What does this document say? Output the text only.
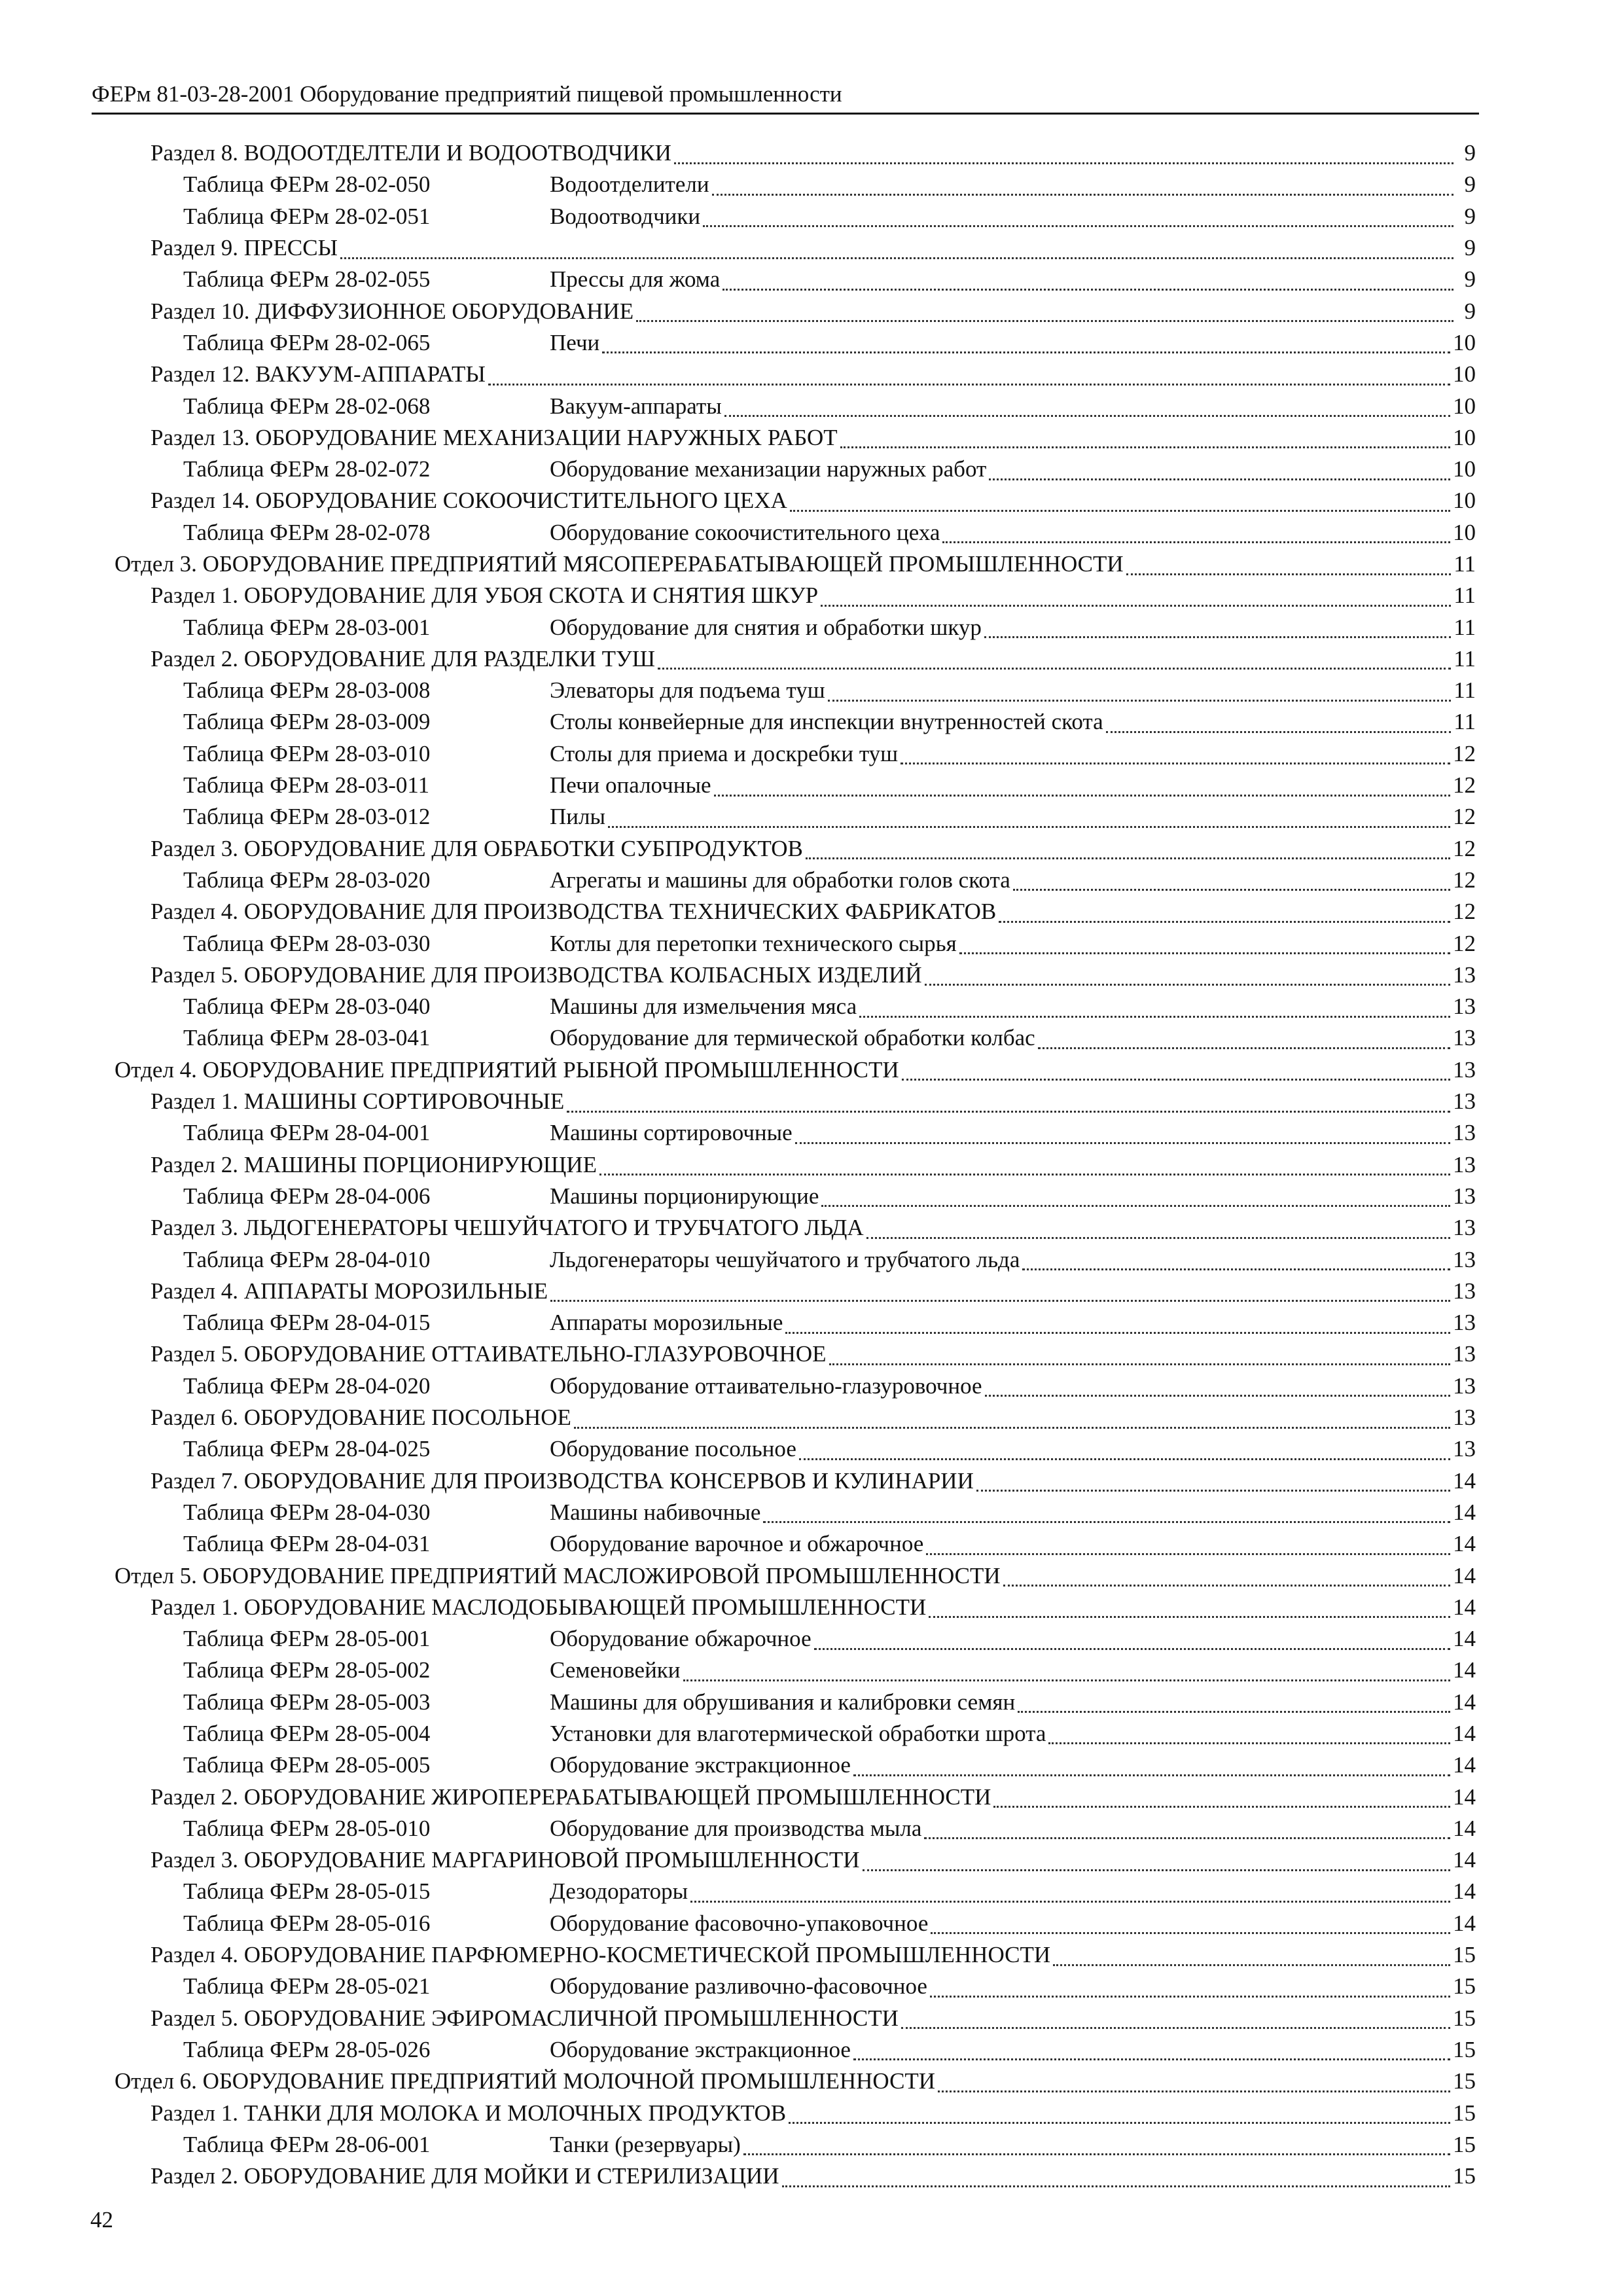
ФЕРм 81-03-28-2001 Оборудование предприятий пищевой промышленности
Раздел 8. ВОДООТДЕЛТЕЛИ И ВОДООТВОДЧИКИ	9
Таблица ФЕРм 28-02-050	Водоотделители	9
Таблица ФЕРм 28-02-051	Водоотводчики	9
Раздел 9. ПРЕССЫ	9
Таблица ФЕРм 28-02-055	Прессы для жома	9
Раздел 10. ДИФФУЗИОННОЕ ОБОРУДОВАНИЕ	9
Таблица ФЕРм 28-02-065	Печи	10
Раздел 12. ВАКУУМ-АППАРАТЫ	10
Таблица ФЕРм 28-02-068	Вакуум-аппараты	10
Раздел 13. ОБОРУДОВАНИЕ МЕХАНИЗАЦИИ НАРУЖНЫХ РАБОТ	10
Таблица ФЕРм 28-02-072	Оборудование механизации наружных работ	10
Раздел 14. ОБОРУДОВАНИЕ СОКООЧИСТИТЕЛЬНОГО ЦЕХА	10
Таблица ФЕРм 28-02-078	Оборудование сокоочистительного цеха	10
Отдел 3. ОБОРУДОВАНИЕ ПРЕДПРИЯТИЙ МЯСОПЕРЕРАБАТЫВАЮЩЕЙ ПРОМЫШЛЕННОСТИ	11
Раздел 1. ОБОРУДОВАНИЕ ДЛЯ УБОЯ СКОТА И СНЯТИЯ ШКУР	11
Таблица ФЕРм 28-03-001	Оборудование для снятия и обработки шкур	11
Раздел 2. ОБОРУДОВАНИЕ ДЛЯ РАЗДЕЛКИ ТУШ	11
Таблица ФЕРм 28-03-008	Элеваторы для подъема туш	11
Таблица ФЕРм 28-03-009	Столы конвейерные для инспекции внутренностей скота	11
Таблица ФЕРм 28-03-010	Столы для приема и доскребки туш	12
Таблица ФЕРм 28-03-011	Печи опалочные	12
Таблица ФЕРм 28-03-012	Пилы	12
Раздел 3. ОБОРУДОВАНИЕ ДЛЯ ОБРАБОТКИ СУБПРОДУКТОВ	12
Таблица ФЕРм 28-03-020	Агрегаты и машины для обработки голов скота	12
Раздел 4. ОБОРУДОВАНИЕ ДЛЯ ПРОИЗВОДСТВА ТЕХНИЧЕСКИХ ФАБРИКАТОВ	12
Таблица ФЕРм 28-03-030	Котлы для перетопки технического сырья	12
Раздел 5. ОБОРУДОВАНИЕ ДЛЯ ПРОИЗВОДСТВА КОЛБАСНЫХ ИЗДЕЛИЙ	13
Таблица ФЕРм 28-03-040	Машины для измельчения мяса	13
Таблица ФЕРм 28-03-041	Оборудование для термической обработки колбас	13
Отдел 4. ОБОРУДОВАНИЕ ПРЕДПРИЯТИЙ РЫБНОЙ ПРОМЫШЛЕННОСТИ	13
Раздел 1. МАШИНЫ СОРТИРОВОЧНЫЕ	13
Таблица ФЕРм 28-04-001	Машины сортировочные	13
Раздел 2. МАШИНЫ ПОРЦИОНИРУЮЩИЕ	13
Таблица ФЕРм 28-04-006	Машины порционирующие	13
Раздел 3. ЛЬДОГЕНЕРАТОРЫ ЧЕШУЙЧАТОГО И ТРУБЧАТОГО ЛЬДА	13
Таблица ФЕРм 28-04-010	Льдогенераторы чешуйчатого и трубчатого льда	13
Раздел 4. АППАРАТЫ МОРОЗИЛЬНЫЕ	13
Таблица ФЕРм 28-04-015	Аппараты морозильные	13
Раздел 5. ОБОРУДОВАНИЕ ОТТАИВАТЕЛЬНО-ГЛАЗУРОВОЧНОЕ	13
Таблица ФЕРм 28-04-020	Оборудование оттаивательно-глазуровочное	13
Раздел 6. ОБОРУДОВАНИЕ ПОСОЛЬНОЕ	13
Таблица ФЕРм 28-04-025	Оборудование посольное	13
Раздел 7. ОБОРУДОВАНИЕ ДЛЯ ПРОИЗВОДСТВА КОНСЕРВОВ И КУЛИНАРИИ	14
Таблица ФЕРм 28-04-030	Машины набивочные	14
Таблица ФЕРм 28-04-031	Оборудование варочное и обжарочное	14
Отдел 5. ОБОРУДОВАНИЕ ПРЕДПРИЯТИЙ МАСЛОЖИРОВОЙ ПРОМЫШЛЕННОСТИ	14
Раздел 1. ОБОРУДОВАНИЕ МАСЛОДОБЫВАЮЩЕЙ ПРОМЫШЛЕННОСТИ	14
Таблица ФЕРм 28-05-001	Оборудование обжарочное	14
Таблица ФЕРм 28-05-002	Семеновейки	14
Таблица ФЕРм 28-05-003	Машины для обрушивания и калибровки семян	14
Таблица ФЕРм 28-05-004	Установки для влаготермической обработки шрота	14
Таблица ФЕРм 28-05-005	Оборудование экстракционное	14
Раздел 2. ОБОРУДОВАНИЕ ЖИРОПЕРЕРАБАТЫВАЮЩЕЙ ПРОМЫШЛЕННОСТИ	14
Таблица ФЕРм 28-05-010	Оборудование для производства мыла	14
Раздел 3. ОБОРУДОВАНИЕ МАРГАРИНОВОЙ ПРОМЫШЛЕННОСТИ	14
Таблица ФЕРм 28-05-015	Дезодораторы	14
Таблица ФЕРм 28-05-016	Оборудование фасовочно-упаковочное	14
Раздел 4. ОБОРУДОВАНИЕ ПАРФЮМЕРНО-КОСМЕТИЧЕСКОЙ ПРОМЫШЛЕННОСТИ	15
Таблица ФЕРм 28-05-021	Оборудование разливочно-фасовочное	15
Раздел 5. ОБОРУДОВАНИЕ ЭФИРОМАСЛИЧНОЙ ПРОМЫШЛЕННОСТИ	15
Таблица ФЕРм 28-05-026	Оборудование экстракционное	15
Отдел 6. ОБОРУДОВАНИЕ ПРЕДПРИЯТИЙ МОЛОЧНОЙ ПРОМЫШЛЕННОСТИ	15
Раздел 1. ТАНКИ ДЛЯ МОЛОКА И МОЛОЧНЫХ ПРОДУКТОВ	15
Таблица ФЕРм 28-06-001	Танки (резервуары)	15
Раздел 2. ОБОРУДОВАНИЕ ДЛЯ МОЙКИ И СТЕРИЛИЗАЦИИ	15
42
